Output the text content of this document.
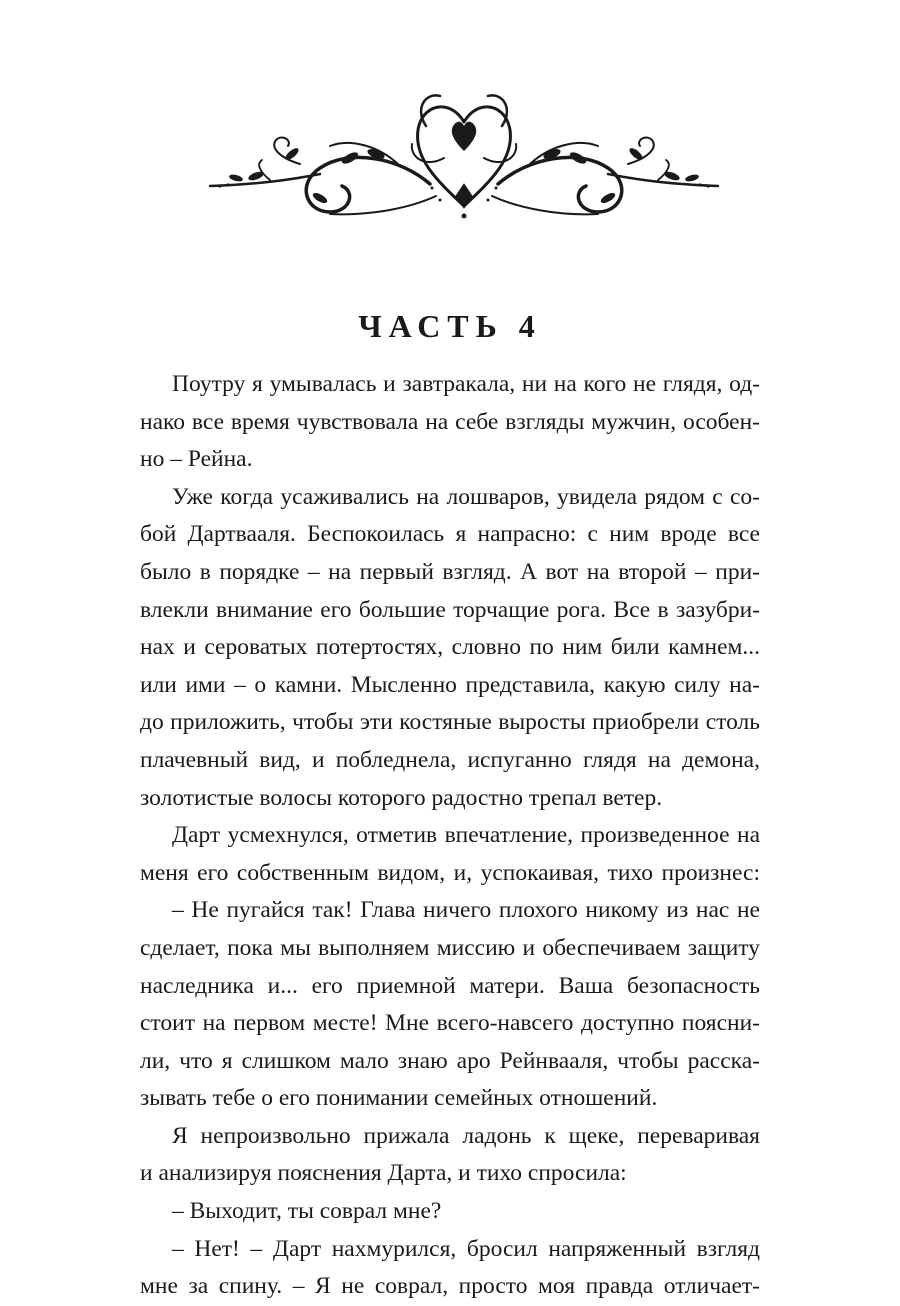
ЧАСТЬ 4
Поутру я умывалась и завтракала, ни на кого не глядя, од-
нако все время чувствовала на себе взгляды мужчин, особен-
но – Рейна.
Уже когда усаживались на лошваров, увидела рядом с со-
бой Дартвааля. Беспокоилась я напрасно: с ним вроде все
было в порядке – на первый взгляд. А вот на второй – при-
влекли внимание его большие торчащие рога. Все в зазубри-
нах и сероватых потертостях, словно по ним били камнем...
или ими – о камни. Мысленно представила, какую силу на-
до приложить, чтобы эти костяные выросты приобрели столь
плачевный вид, и побледнела, испуганно глядя на демона,
золотистые волосы которого радостно трепал ветер.
Дарт усмехнулся, отметив впечатление, произведенное на
меня его собственным видом, и, успокаивая, тихо произнес:
– Не пугайся так! Глава ничего плохого никому из нас не
сделает, пока мы выполняем миссию и обеспечиваем защиту
наследника и... его приемной матери. Ваша безопасность
стоит на первом месте! Мне всего-навсего доступно поясни-
ли, что я слишком мало знаю аро Рейнвааля, чтобы расска-
зывать тебе о его понимании семейных отношений.
Я непроизвольно прижала ладонь к щеке, переваривая
и анализируя пояснения Дарта, и тихо спросила:
– Выходит, ты соврал мне?
– Нет! – Дарт нахмурился, бросил напряженный взгляд
мне за спину. – Я не соврал, просто моя правда отличает-
